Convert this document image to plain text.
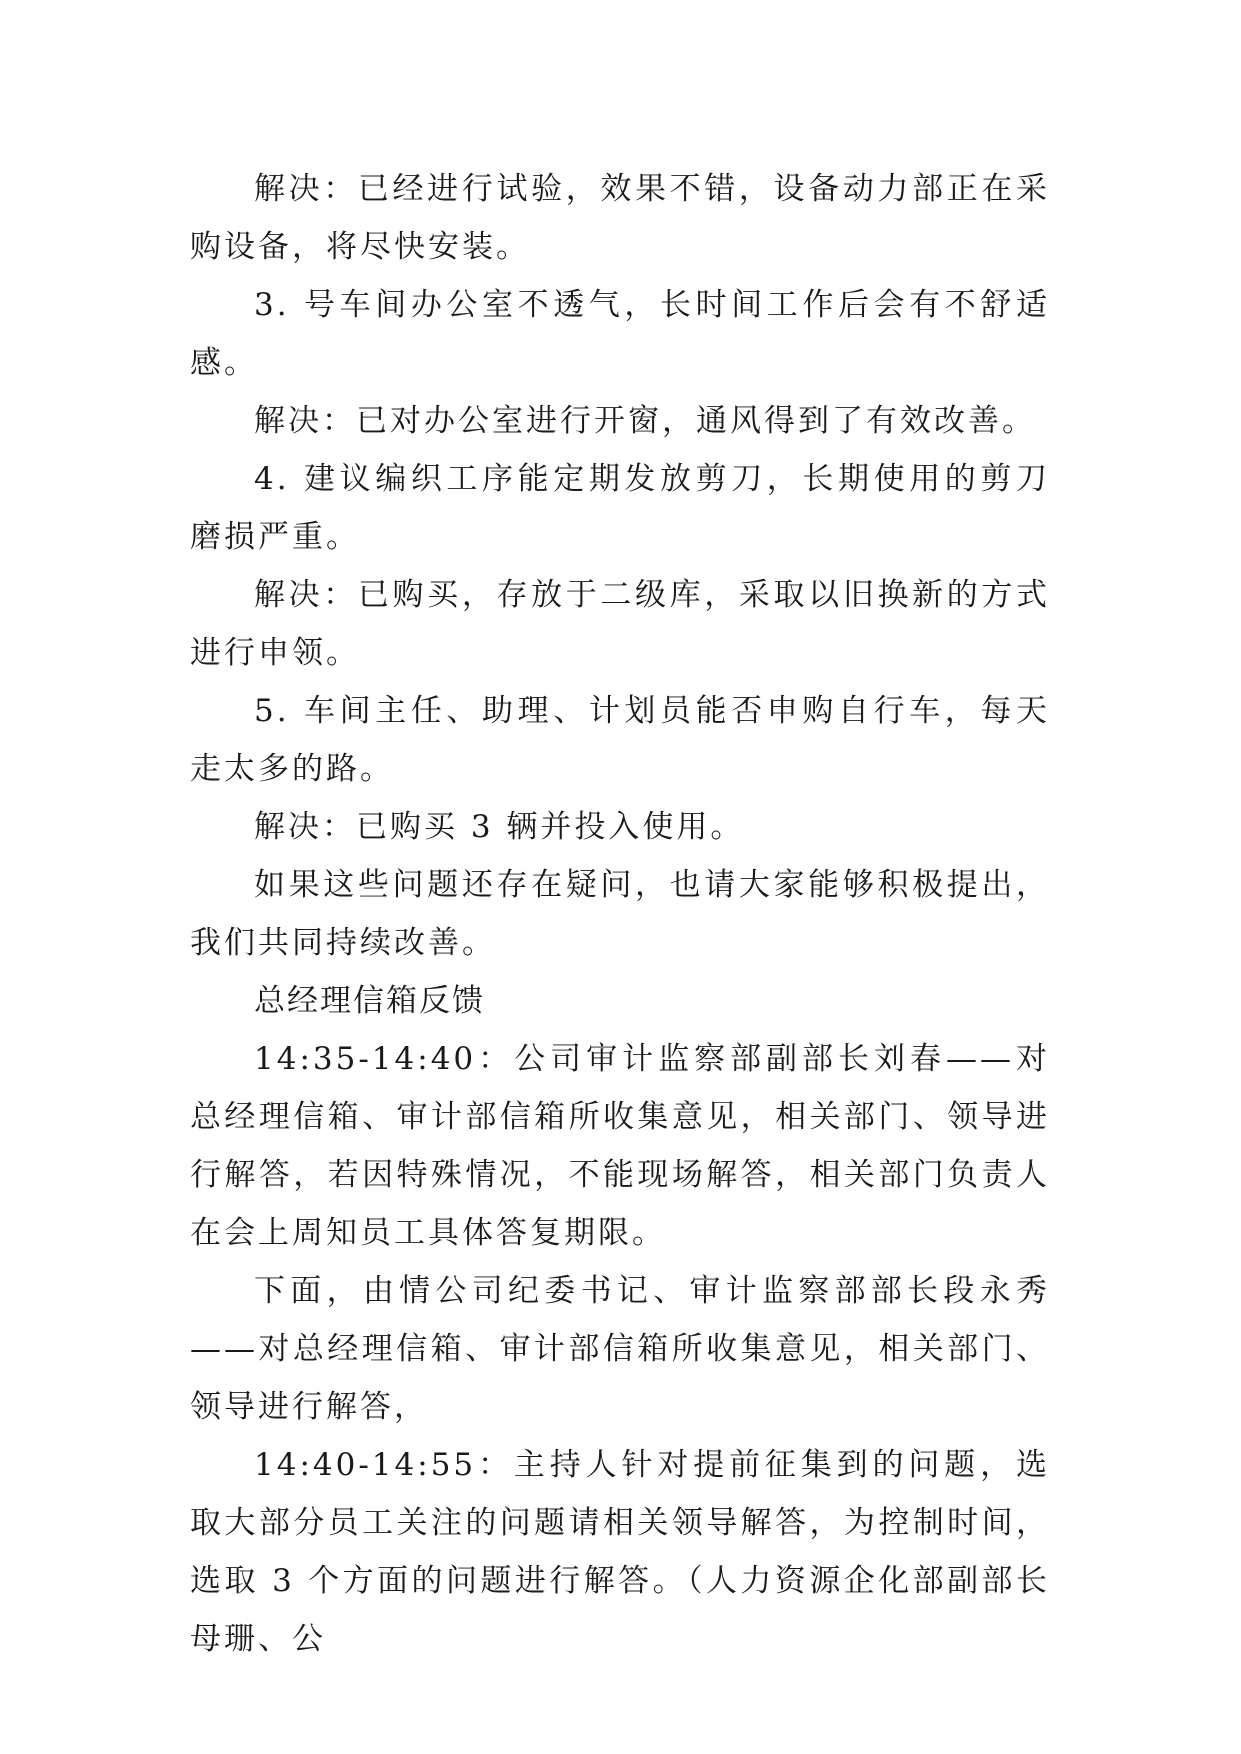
解决：已经进行试验，效果不错，设备动力部正在采购设备，将尽快安装。

3. 号车间办公室不透气，长时间工作后会有不舒适感。

解决：已对办公室进行开窗，通风得到了有效改善。

4. 建议编织工序能定期发放剪刀，长期使用的剪刀磨损严重。

解决：已购买，存放于二级库，采取以旧换新的方式进行申领。

5. 车间主任、助理、计划员能否申购自行车，每天走太多的路。

解决：已购买 3 辆并投入使用。

如果这些问题还存在疑问，也请大家能够积极提出，我们共同持续改善。

总经理信箱反馈

14:35-14:40：公司审计监察部副部长刘春——对总经理信箱、审计部信箱所收集意见，相关部门、领导进行解答，若因特殊情况，不能现场解答，相关部门负责人在会上周知员工具体答复期限。

下面，由情公司纪委书记、审计监察部部长段永秀——对总经理信箱、审计部信箱所收集意见，相关部门、领导进行解答，

14:40-14:55：主持人针对提前征集到的问题，选取大部分员工关注的问题请相关领导解答，为控制时间，选取 3 个方面的问题进行解答。（人力资源企化部副部长母珊、公
